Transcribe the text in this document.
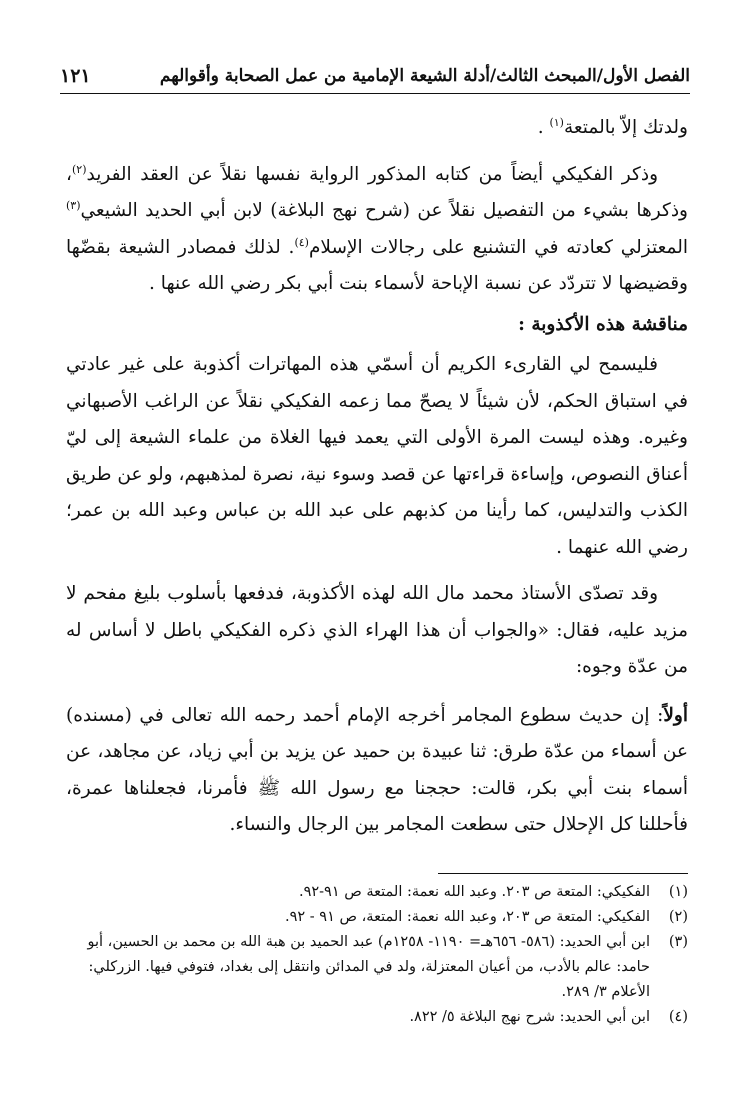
الفصل الأول/المبحث الثالث/أدلة الشيعة الإمامية من عمل الصحابة وأقوالهم
١٢١

ولدتك إلاّ بالمتعة$^{(١)}$ .

وذكر الفكيكي أيضاً من كتابه المذكور الرواية نفسها نقلاً عن العقد الفريد$^{(٢)}$، وذكرها بشيء من التفصيل نقلاً عن (شرح نهج البلاغة) لابن أبي الحديد الشيعي$^{(٣)}$ المعتزلي كعادته في التشنيع على رجالات الإسلام$^{(٤)}$. لذلك فمصادر الشيعة بقضّها وقضيضها لا تتردّد عن نسبة الإباحة لأسماء بنت أبي بكر رضي الله عنها .

مناقشة هذه الأكذوبة :

فليسمح لي القارىء الكريم أن أسمّي هذه المهاترات أكذوبة على غير عادتي في استباق الحكم، لأن شيئاً لا يصحّ مما زعمه الفكيكي نقلاً عن الراغب الأصبهاني وغيره. وهذه ليست المرة الأولى التي يعمد فيها الغلاة من علماء الشيعة إلى ليّ أعناق النصوص، وإساءة قراءتها عن قصد وسوء نية، نصرة لمذهبهم، ولو عن طريق الكذب والتدليس، كما رأينا من كذبهم على عبد الله بن عباس وعبد الله بن عمر؛ رضي الله عنهما .

وقد تصدّى الأستاذ محمد مال الله لهذه الأكذوبة، فدفعها بأسلوب بليغ مفحم لا مزيد عليه، فقال: «والجواب أن هذا الهراء الذي ذكره الفكيكي باطل لا أساس له من عدّة وجوه:

أولاً: إن حديث سطوع المجامر أخرجه الإمام أحمد رحمه الله تعالى في (مسنده) عن أسماء من عدّة طرق: ثنا عبيدة بن حميد عن يزيد بن أبي زياد، عن مجاهد، عن أسماء بنت أبي بكر، قالت: حججنا مع رسول الله ﷺ فأمرنا، فجعلناها عمرة، فأحللنا كل الإحلال حتى سطعت المجامر بين الرجال والنساء.

(١)
الفكيكي: المتعة ص ٢٠٣. وعبد الله نعمة: المتعة ص ٩١-٩٢.
(٢)
الفكيكي: المتعة ص ٢٠٣، وعبد الله نعمة: المتعة، ص ٩١ - ٩٢.
(٣)
ابن أبي الحديد: (٥٨٦- ٦٥٦هـ= ١١٩٠- ١٢٥٨م) عبد الحميد بن هبة الله بن محمد بن الحسين، أبو حامد: عالم بالأدب، من أعيان المعتزلة، ولد في المدائن وانتقل إلى بغداد، فتوفي فيها. الزركلي: الأعلام ٣/ ٢٨٩.
(٤)
ابن أبي الحديد: شرح نهج البلاغة ٥/ ٨٢٢.
